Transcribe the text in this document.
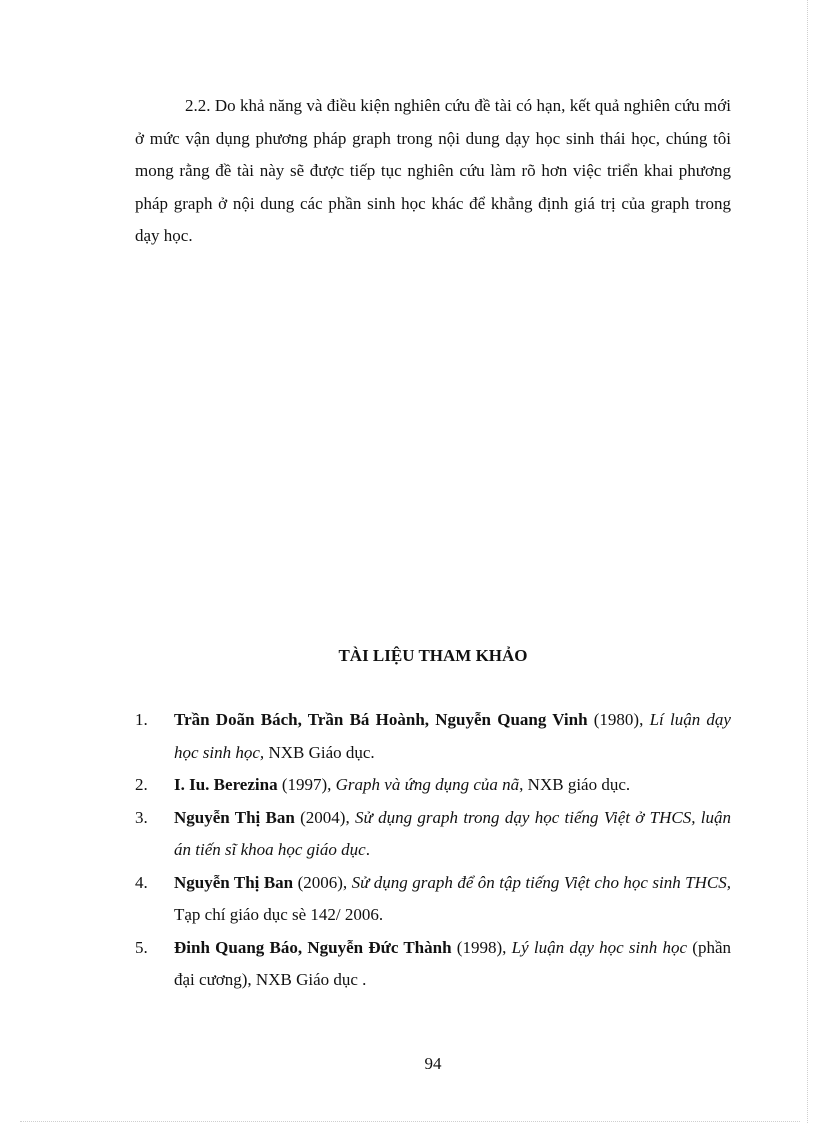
2.2. Do khả năng và điều kiện nghiên cứu đề tài có hạn, kết quả nghiên cứu mới ở mức vận dụng phương pháp graph trong nội dung dạy học sinh thái học, chúng tôi mong rằng đề tài này sẽ được tiếp tục nghiên cứu làm rõ hơn việc triển khai phương pháp graph ở nội dung các phần sinh học khác để khẳng định giá trị của graph trong dạy học.

TÀI LIỆU THAM KHẢO
1.	Trần Doãn Bách, Trần Bá Hoành, Nguyễn Quang Vinh (1980), Lí luận dạy học sinh học, NXB Giáo dục.
2.	I. Iu. Berezina (1997), Graph và ứng dụng của nã, NXB giáo dục.
3.	Nguyễn Thị Ban (2004), Sử dụng graph trong dạy học tiếng Việt ở THCS, luận án tiến sĩ khoa học giáo dục.
4.	Nguyễn Thị Ban (2006), Sử dụng graph để ôn tập tiếng Việt cho học sinh THCS, Tạp chí giáo dục sè 142/ 2006.
5.	Đinh Quang Báo, Nguyễn Đức Thành (1998), Lý luận dạy học sinh học (phần đại cương), NXB Giáo dục .
94
